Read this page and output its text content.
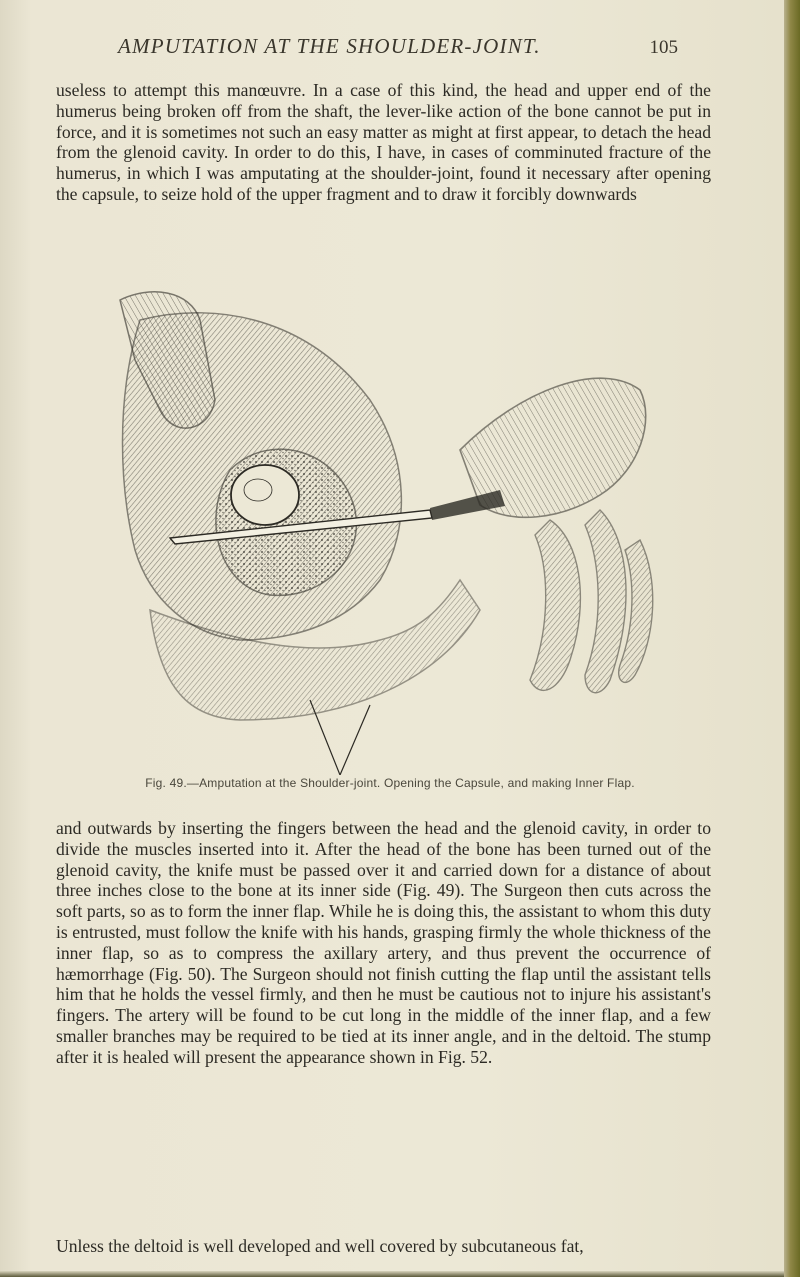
AMPUTATION AT THE SHOULDER-JOINT.	105

useless to attempt this manœuvre. In a case of this kind, the head and upper end of the humerus being broken off from the shaft, the lever-like action of the bone cannot be put in force, and it is sometimes not such an easy matter as might at first appear, to detach the head from the glenoid cavity. In order to do this, I have, in cases of comminuted fracture of the humerus, in which I was amputating at the shoulder-joint, found it necessary after opening the capsule, to seize hold of the upper fragment and to draw it forcibly downwards

Fig. 49.—Amputation at the Shoulder-joint. Opening the Capsule, and making Inner Flap.

and outwards by inserting the fingers between the head and the glenoid cavity, in order to divide the muscles inserted into it. After the head of the bone has been turned out of the glenoid cavity, the knife must be passed over it and carried down for a distance of about three inches close to the bone at its inner side (Fig. 49). The Surgeon then cuts across the soft parts, so as to form the inner flap. While he is doing this, the assistant to whom this duty is entrusted, must follow the knife with his hands, grasping firmly the whole thickness of the inner flap, so as to compress the axillary artery, and thus prevent the occurrence of hæmorrhage (Fig. 50). The Surgeon should not finish cutting the flap until the assistant tells him that he holds the vessel firmly, and then he must be cautious not to injure his assistant's fingers. The artery will be found to be cut long in the middle of the inner flap, and a few smaller branches may be required to be tied at its inner angle, and in the deltoid. The stump after it is healed will present the appearance shown in Fig. 52.

Unless the deltoid is well developed and well covered by subcutaneous fat,
